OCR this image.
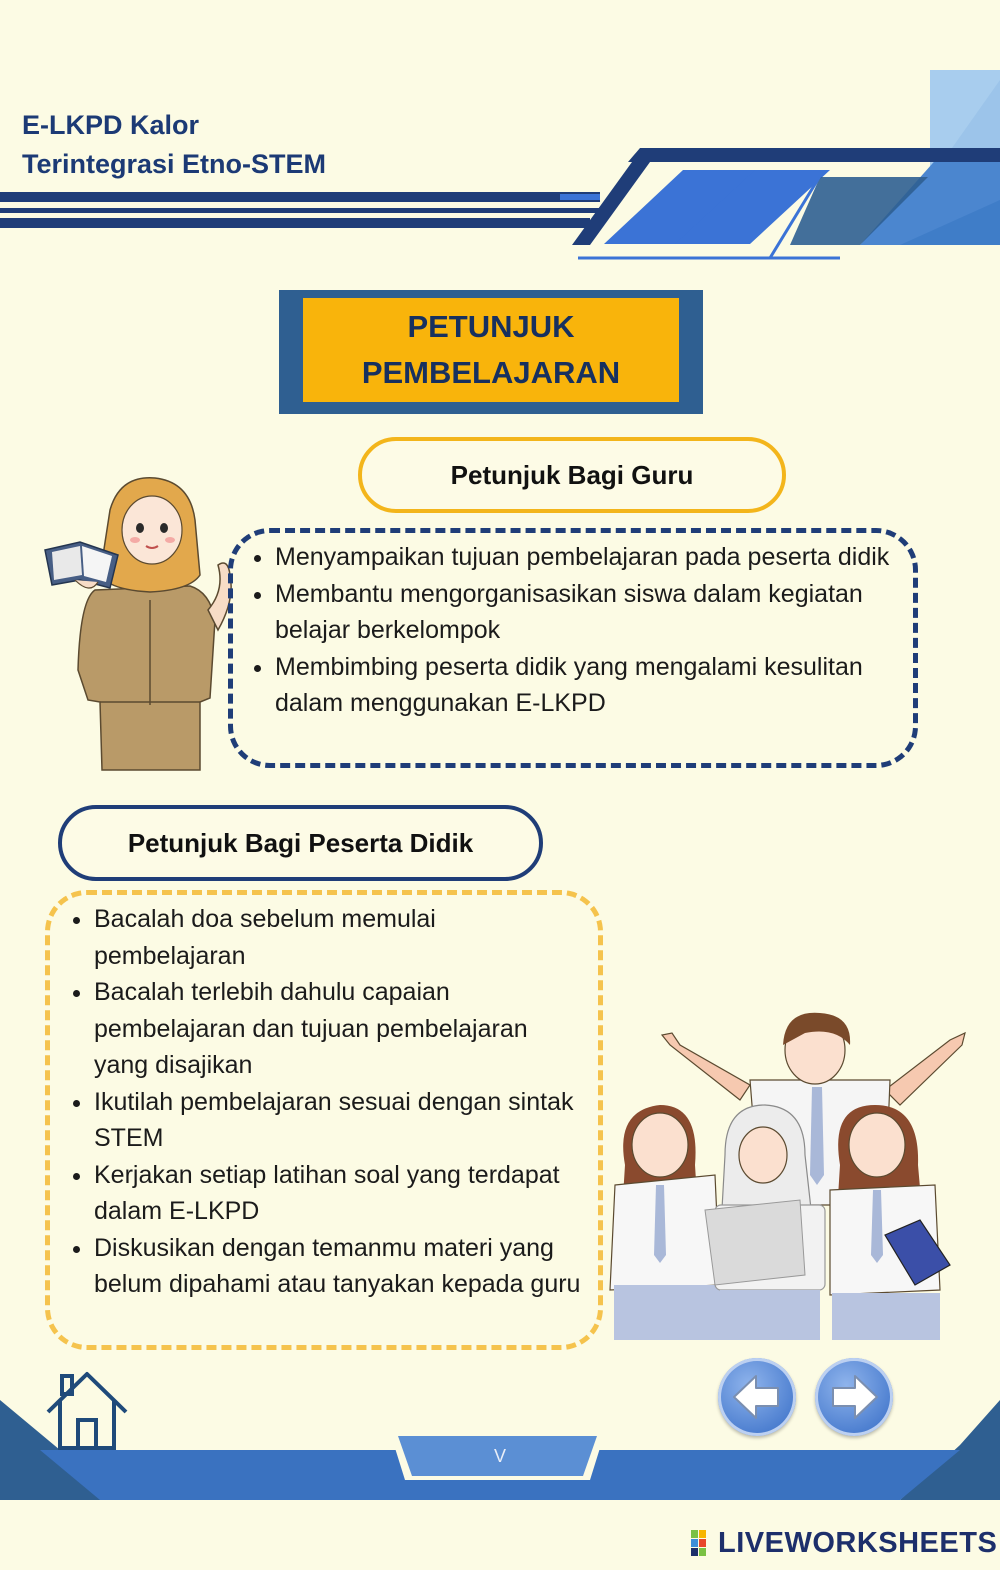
E-LKPD Kalor
Terintegrasi Etno-STEM
PETUNJUK
PEMBELAJARAN
Petunjuk Bagi Guru
• Menyampaikan tujuan pembelajaran pada peserta didik
• Membantu mengorganisasikan siswa dalam kegiatan belajar berkelompok
• Membimbing peserta didik yang mengalami kesulitan dalam menggunakan E-LKPD
Petunjuk Bagi Peserta Didik
• Bacalah doa sebelum memulai pembelajaran
• Bacalah terlebih dahulu capaian pembelajaran dan tujuan pembelajaran yang disajikan
• Ikutilah pembelajaran sesuai dengan sintak STEM
• Kerjakan setiap latihan soal yang terdapat dalam E-LKPD
• Diskusikan dengan temanmu materi yang belum dipahami atau tanyakan kepada guru
V
LIVEWORKSHEETS
